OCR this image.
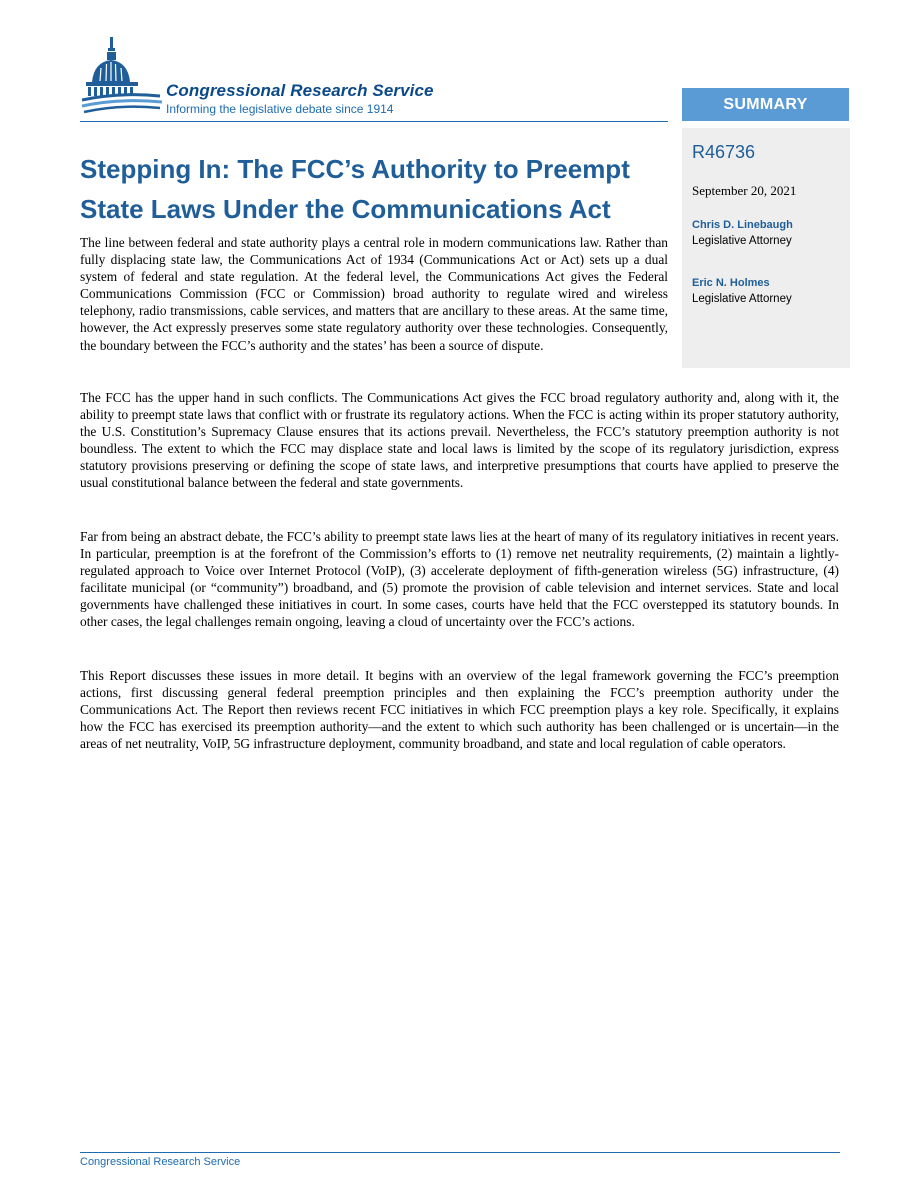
Congressional Research Service
Informing the legislative debate since 1914
Stepping In: The FCC’s Authority to Preempt State Laws Under the Communications Act

The line between federal and state authority plays a central role in modern communications law. Rather than fully displacing state law, the Communications Act of 1934 (Communications Act or Act) sets up a dual system of federal and state regulation. At the federal level, the Communications Act gives the Federal Communications Commission (FCC or Commission) broad authority to regulate wired and wireless telephony, radio transmissions, cable services, and matters that are ancillary to these areas. At the same time, however, the Act expressly preserves some state regulatory authority over these technologies. Consequently, the boundary between the FCC’s authority and the states’ has been a source of dispute.

The FCC has the upper hand in such conflicts. The Communications Act gives the FCC broad regulatory authority and, along with it, the ability to preempt state laws that conflict with or frustrate its regulatory actions. When the FCC is acting within its proper statutory authority, the U.S. Constitution’s Supremacy Clause ensures that its actions prevail. Nevertheless, the FCC’s statutory preemption authority is not boundless. The extent to which the FCC may displace state and local laws is limited by the scope of its regulatory jurisdiction, express statutory provisions preserving or defining the scope of state laws, and interpretive presumptions that courts have applied to preserve the usual constitutional balance between the federal and state governments.

Far from being an abstract debate, the FCC’s ability to preempt state laws lies at the heart of many of its regulatory initiatives in recent years. In particular, preemption is at the forefront of the Commission’s efforts to (1) remove net neutrality requirements, (2) maintain a lightly-regulated approach to Voice over Internet Protocol (VoIP), (3) accelerate deployment of fifth-generation wireless (5G) infrastructure, (4) facilitate municipal (or “community”) broadband, and (5) promote the provision of cable television and internet services. State and local governments have challenged these initiatives in court. In some cases, courts have held that the FCC overstepped its statutory bounds. In other cases, the legal challenges remain ongoing, leaving a cloud of uncertainty over the FCC’s actions.

This Report discusses these issues in more detail. It begins with an overview of the legal framework governing the FCC’s preemption actions, first discussing general federal preemption principles and then explaining the FCC’s preemption authority under the Communications Act. The Report then reviews recent FCC initiatives in which FCC preemption plays a key role. Specifically, it explains how the FCC has exercised its preemption authority—and the extent to which such authority has been challenged or is uncertain—in the areas of net neutrality, VoIP, 5G infrastructure deployment, community broadband, and state and local regulation of cable operators.

SUMMARY
R46736
September 20, 2021
Chris D. Linebaugh
Legislative Attorney
Eric N. Holmes
Legislative Attorney
Congressional Research Service
